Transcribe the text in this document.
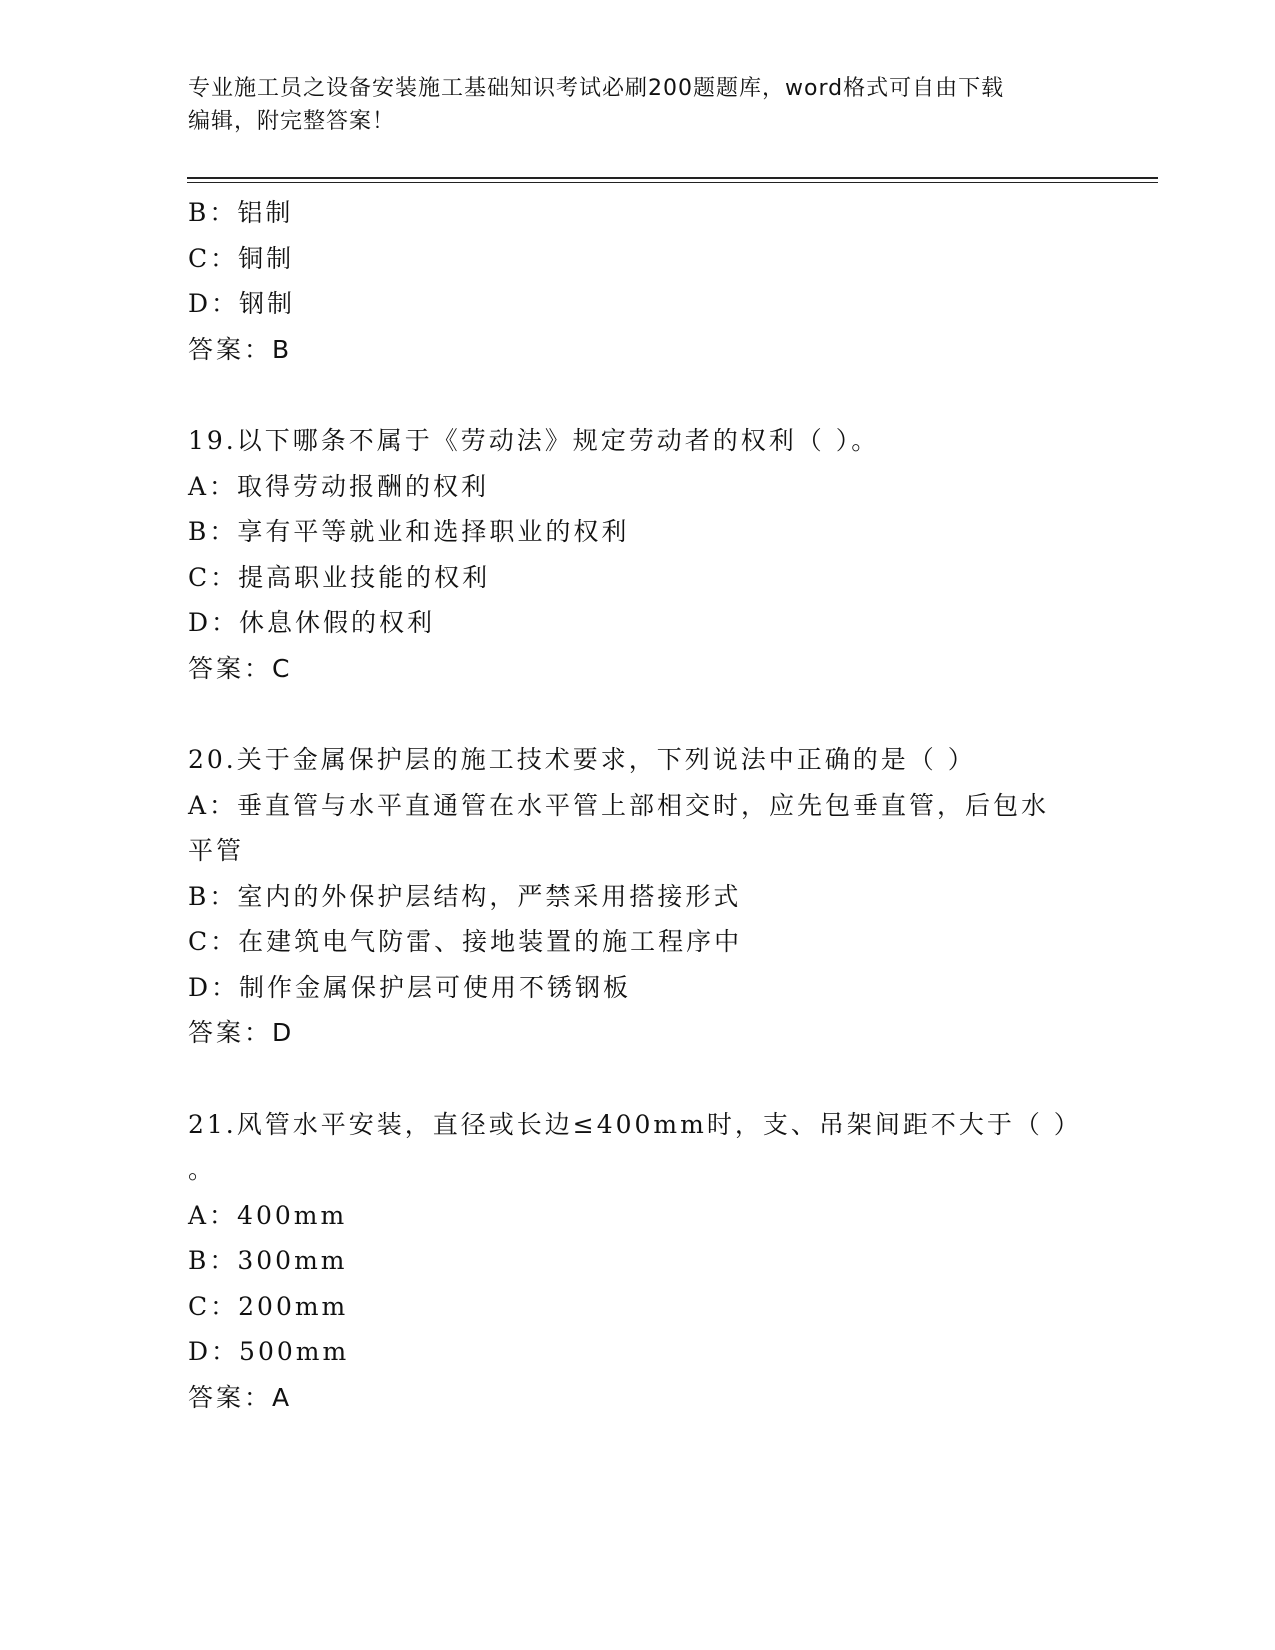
专业施工员之设备安装施工基础知识考试必刷200题题库，word格式可自由下载
编辑，附完整答案！
B：铝制
C：铜制
D：钢制
答案：B
19.以下哪条不属于《劳动法》规定劳动者的权利（ ）。
A：取得劳动报酬的权利
B：享有平等就业和选择职业的权利
C：提高职业技能的权利
D：休息休假的权利
答案：C
20.关于金属保护层的施工技术要求，下列说法中正确的是（ ）
A：垂直管与水平直通管在水平管上部相交时，应先包垂直管，后包水
平管
B：室内的外保护层结构，严禁采用搭接形式
C：在建筑电气防雷、接地装置的施工程序中
D：制作金属保护层可使用不锈钢板
答案：D
21.风管水平安装，直径或长边≤400mm时，支、吊架间距不大于（ ）
。
A：400mm
B：300mm
C：200mm
D：500mm
答案：A
